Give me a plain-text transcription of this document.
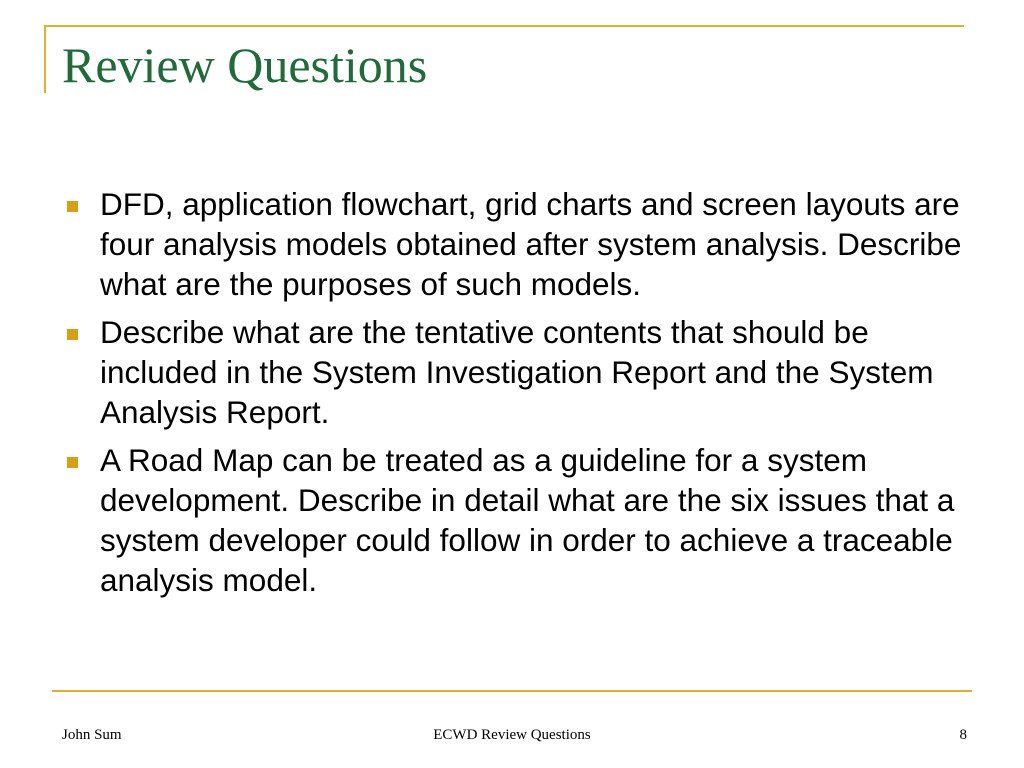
Review Questions
DFD, application flowchart, grid charts and screen layouts are four analysis models obtained after system analysis. Describe what are the purposes of such models.
Describe what are the tentative contents that should be included in the System Investigation Report and the System Analysis Report.
A Road Map can be treated as a guideline for a system development. Describe in detail what are the six issues that a system developer could follow in order to achieve a traceable analysis model.
John Sum	ECWD Review Questions	8
